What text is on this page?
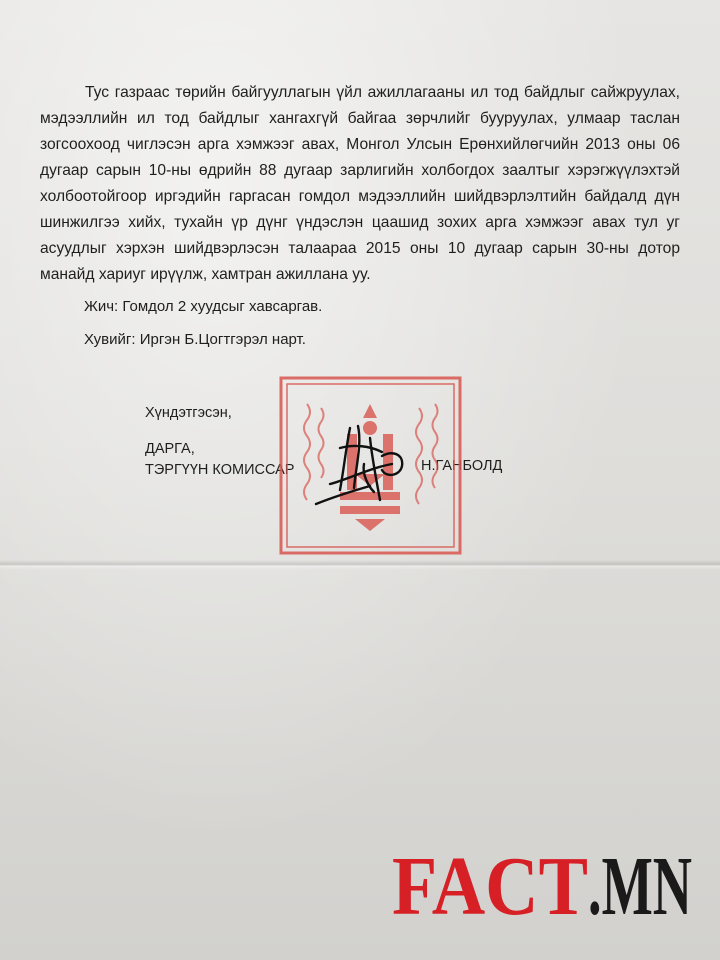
Тус газраас төрийн байгууллагын үйл ажиллагааны ил тод байдлыг сайжруулах, мэдээллийн ил тод байдлыг хангахгүй байгаа зөрчлийг бууруулах, улмаар таслан зогсоохоод чиглэсэн арга хэмжээг авах, Монгол Улсын Ерөнхийлөгчийн 2013 оны 06 дугаар сарын 10-ны өдрийн 88 дугаар зарлигийн холбогдох заалтыг хэрэгжүүлэхтэй холбоотойгоор иргэдийн гаргасан гомдол мэдээллийн шийдвэрлэлтийн байдалд дүн шинжилгээ хийх, тухайн үр дүнг үндэслэн цаашид зохих арга хэмжээг авах тул уг асуудлыг хэрхэн шийдвэрлэсэн талаараа 2015 оны 10 дугаар сарын 30-ны дотор манайд хариуг ирүүлж, хамтран ажиллана уу.

Жич: Гомдол 2 хуудсыг хавсаргав.
Хувийг: Иргэн Б.Цогтгэрэл нарт.
Хүндэтгэсэн,
ДАРГА,
ТЭРГҮҮН КОМИССАР	Н.ГАНБОЛД
FACT .MN
